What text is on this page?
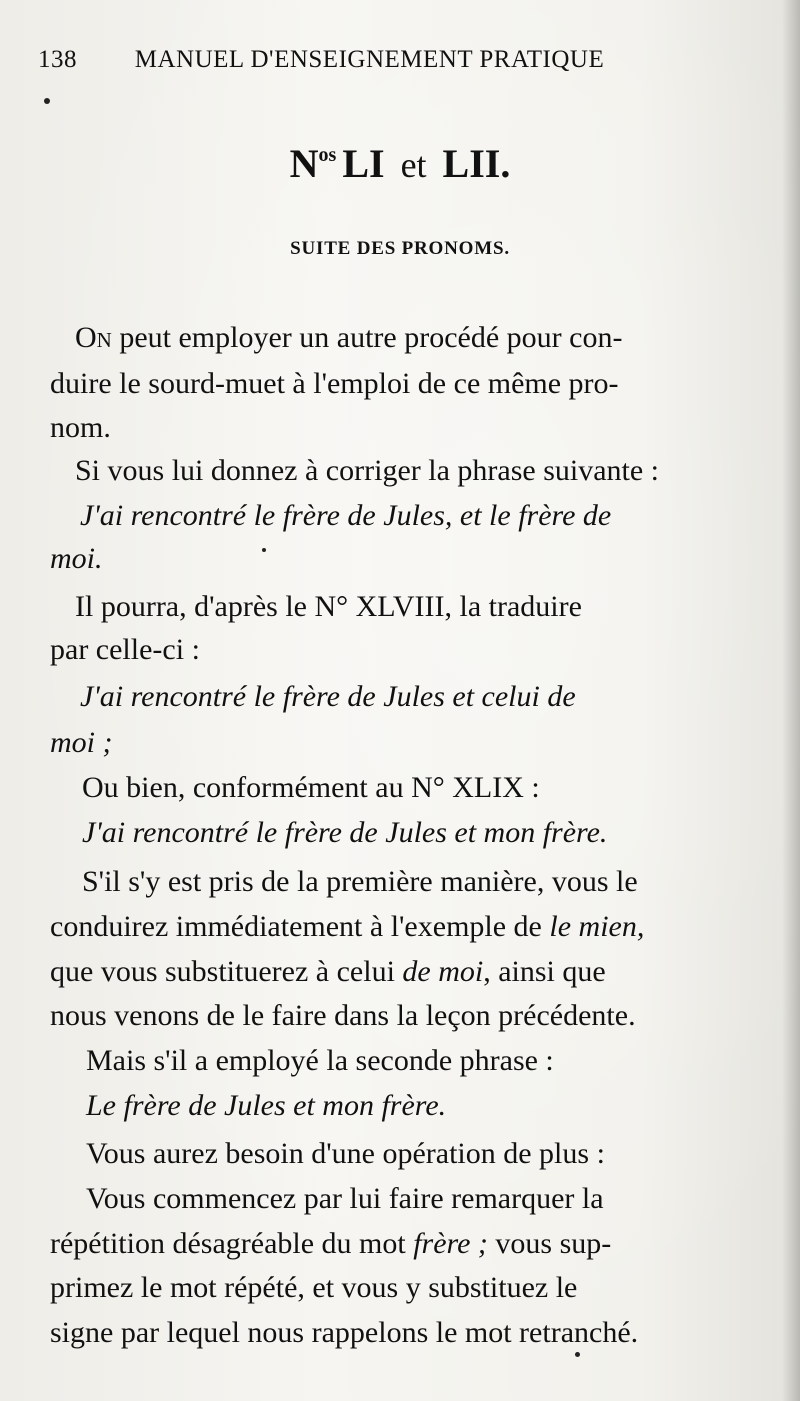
138 MANUEL D'ENSEIGNEMENT PRATIQUE
$N^{os}$ LI et LII.
SUITE DES PRONOMS.
On peut employer un autre procédé pour con-
duire le sourd-muet à l'emploi de ce même pro-
nom.
Si vous lui donnez à corriger la phrase suivante :
J'ai rencontré le frère de Jules, et le frère de
moi.
Il pourra, d'après le N° XLVIII, la traduire
par celle-ci :
J'ai rencontré le frère de Jules et celui de
moi ;
Ou bien, conformément au N° XLIX :
J'ai rencontré le frère de Jules et mon frère.
S'il s'y est pris de la première manière, vous le
conduirez immédiatement à l'exemple de le mien,
que vous substituerez à celui de moi, ainsi que
nous venons de le faire dans la leçon précédente.
Mais s'il a employé la seconde phrase :
Le frère de Jules et mon frère.
Vous aurez besoin d'une opération de plus :
Vous commencez par lui faire remarquer la
répétition désagréable du mot frère ; vous sup-
primez le mot répété, et vous y substituez le
signe par lequel nous rappelons le mot retranché.
